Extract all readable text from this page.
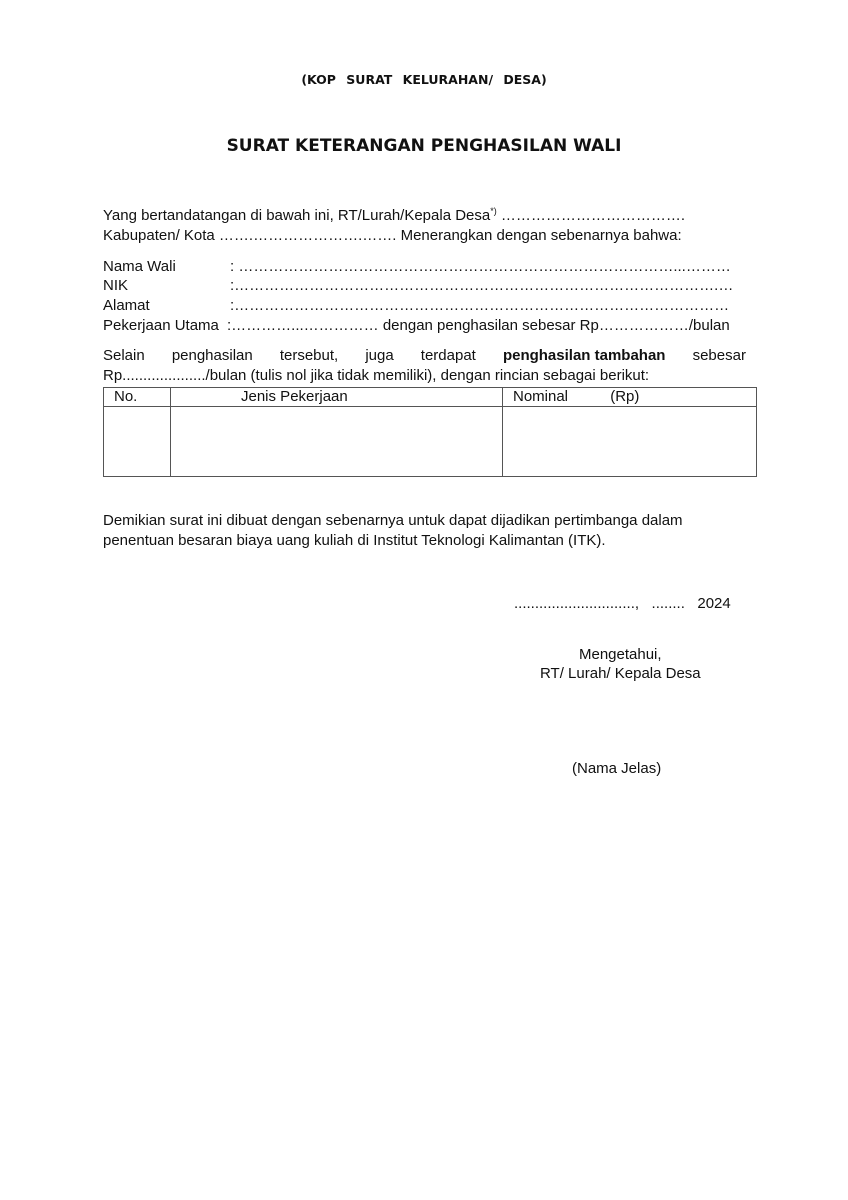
(KOP SURAT KELURAHAN/ DESA)
SURAT KETERANGAN PENGHASILAN WALI
Yang bertandatangan di bawah ini, RT/Lurah/Kepala Desa*) ……………………………….
Kabupaten/ Kota …….………………….……. Menerangkan dengan sebenarnya bahwa:
Nama Wali	: ……………………………………………………………………………...………
NIK	:…………………………………………………………………………………….…
Alamat	:………………………………………………………………………………………
Pekerjaan Utama :…………...…………… dengan penghasilan sebesar Rp………………/bulan
Selain penghasilan tersebut, juga terdapat penghasilan tambahan sebesar
Rp..................../bulan (tulis nol jika tidak memiliki), dengan rincian sebagai berikut:
No.	Jenis Pekerjaan	Nominal (Rp)

Demikian surat ini dibuat dengan sebenarnya untuk dapat dijadikan pertimbanga dalam
penentuan besaran biaya uang kuliah di Institut Teknologi Kalimantan (ITK).
.............................,   ........   2024
Mengetahui,
RT/ Lurah/ Kepala Desa
(Nama Jelas)
